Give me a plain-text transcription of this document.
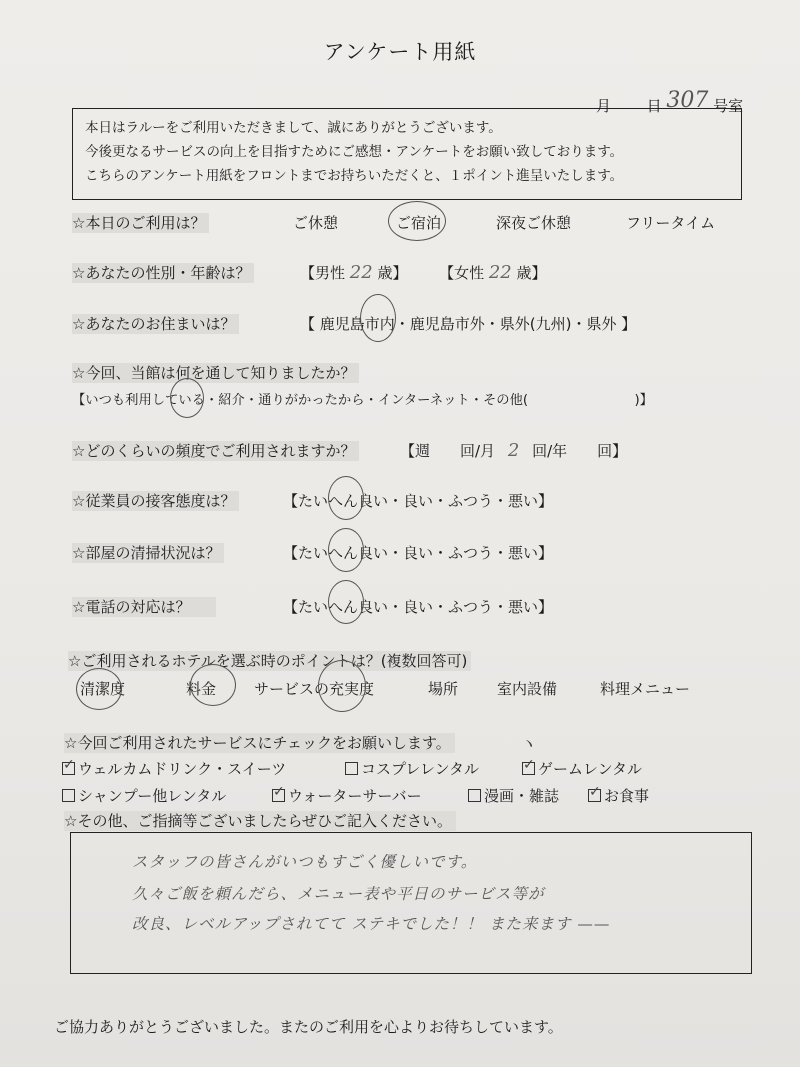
アンケート用紙
月 日 307 号室
本日はラルーをご利用いただきまして、誠にありがとうございます。
今後更なるサービスの向上を目指すためにご感想・アンケートをお願い致しております。
こちらのアンケート用紙をフロントまでお持ちいただくと、１ポイント進呈いたします。
☆本日のご利用は？	ご休憩	ご宿泊	深夜ご休憩	フリータイム
☆あなたの性別・年齢は？	【男性 22 歳】 【女性 22 歳】
☆あなたのお住まいは？	【 鹿児島市内・鹿児島市外・県外(九州)・県外 】
☆今回、当館は何を通して知りましたか？
【いつも利用している・紹介・通りがかったから・インターネット・その他(　　　　　　　　)】
☆どのくらいの頻度でご利用されますか？	【週　　回/月 2 回/年　　回】
☆従業員の接客態度は？	【たいへん良い・良い・ふつう・悪い】
☆部屋の清掃状況は？	【たいへん良い・良い・ふつう・悪い】
☆電話の対応は？	【たいへん良い・良い・ふつう・悪い】
☆ご利用されるホテルを選ぶ時のポイントは？(複数回答可)
清潔度	料金	サービスの充実度	場所	室内設備	料理メニュー
☆今回ご利用されたサービスにチェックをお願いします。	ヽ
✓ウェルカムドリンク・スイーツ	コスプレレンタル ✓	ゲームレンタル
シャンプー他レンタル ✓	ウォーターサーバー	漫画・雑誌 ✓	お食事
☆その他、ご指摘等ございましたらぜひご記入ください。
スタッフの皆さんがいつもすごく優しいです。
久々ご飯を頼んだら、メニュー表や平日のサービス等が
改良、レベルアップされてて ステキでした！！ また来ます ——
ご協力ありがとうございました。またのご利用を心よりお待ちしています。
